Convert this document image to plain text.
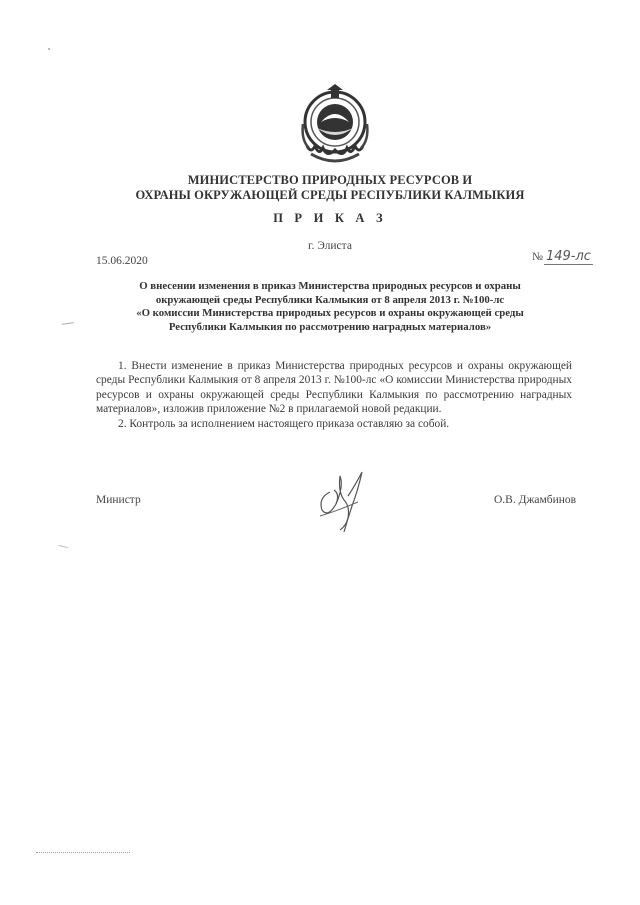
МИНИСТЕРСТВО ПРИРОДНЫХ РЕСУРСОВ И
ОХРАНЫ ОКРУЖАЮЩЕЙ СРЕДЫ РЕСПУБЛИКИ КАЛМЫКИЯ
П Р И К А З
г. Элиста
15.06.2020	№ 149-лс

О внесении изменения в приказ Министерства природных ресурсов и охраны

окружающей среды Республики Калмыкия от 8 апреля 2013 г. №100-лс

«О комиссии Министерства природных ресурсов и охраны окружающей среды

Республики Калмыкия по рассмотрению наградных материалов»

1. Внести изменение в приказ Министерства природных ресурсов и охраны окружающей среды Республики Калмыкия от 8 апреля 2013 г. №100-лс «О комиссии Министерства природных ресурсов и охраны окружающей среды Республики Калмыкия по рассмотрению наградных материалов», изложив приложение №2 в прилагаемой новой редакции.

2. Контроль за исполнением настоящего приказа оставляю за собой.

Министр	О.В. Джамбинов
